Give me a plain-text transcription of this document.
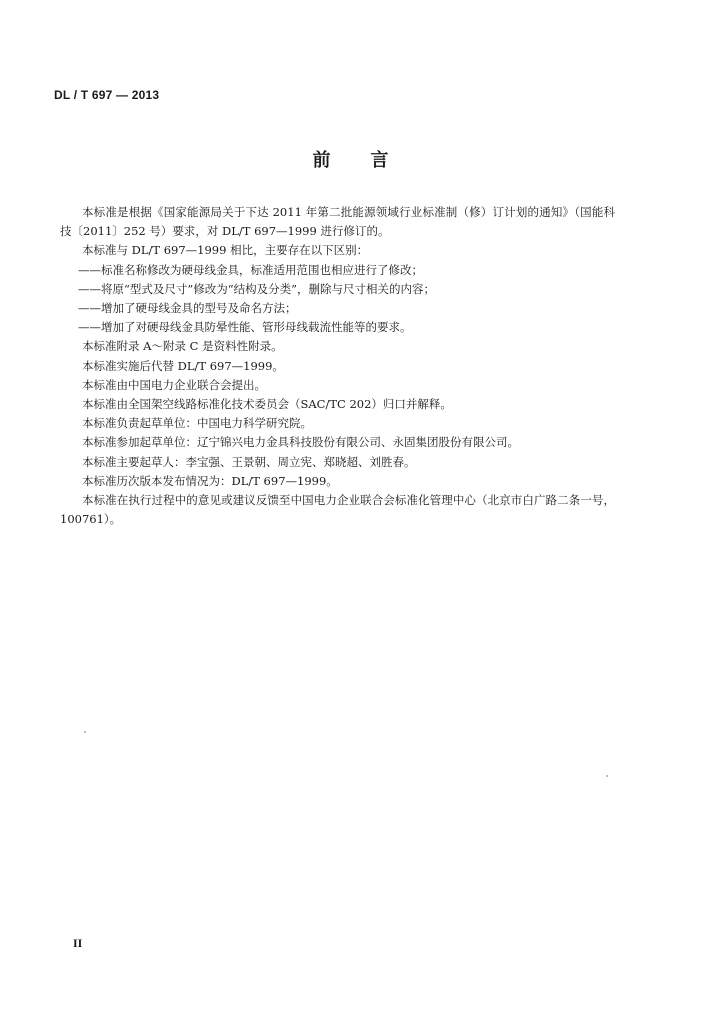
DL / T 697 — 2013
前言

本标准是根据《国家能源局关于下达 2011 年第二批能源领域行业标准制（修）订计划的通知》（国能科技〔2011〕252 号）要求，对 DL/T 697—1999 进行修订的。

本标准与 DL/T 697—1999 相比，主要存在以下区别：

——标准名称修改为硬母线金具，标准适用范围也相应进行了修改；

——将原“型式及尺寸”修改为“结构及分类”，删除与尺寸相关的内容；

——增加了硬母线金具的型号及命名方法；

——增加了对硬母线金具防晕性能、管形母线载流性能等的要求。

本标准附录 A～附录 C 是资料性附录。

本标准实施后代替 DL/T 697—1999。

本标准由中国电力企业联合会提出。

本标准由全国架空线路标准化技术委员会（SAC/TC 202）归口并解释。

本标准负责起草单位：中国电力科学研究院。

本标准参加起草单位：辽宁锦兴电力金具科技股份有限公司、永固集团股份有限公司。

本标准主要起草人：李宝强、王景朝、周立宪、郑晓超、刘胜春。

本标准历次版本发布情况为：DL/T 697—1999。

本标准在执行过程中的意见或建议反馈至中国电力企业联合会标准化管理中心（北京市白广路二条一号，100761）。

II
